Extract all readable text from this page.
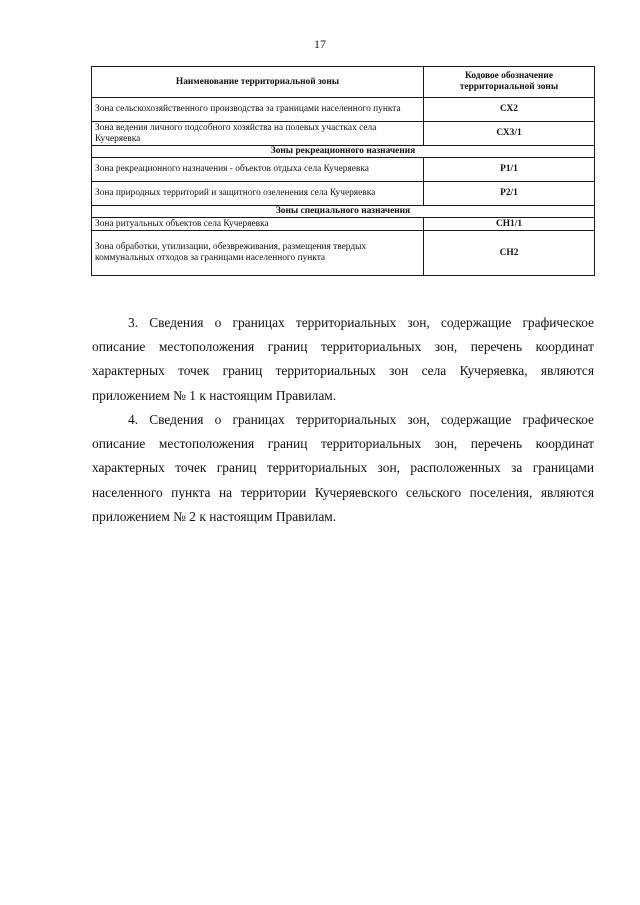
17
Наименование территориальной зоны	Кодовое обозначение территориальной зоны
Зона сельскохозяйственного производства за границами населенного пункта	СХ2
Зона ведения личного подсобного хозяйства на полевых участках села Кучеряевка	СХ3/1
Зоны рекреационного назначения	
Зона рекреационного назначения - объектов отдыха села Кучеряевка	Р1/1
Зона природных территорий и защитного озеленения села Кучеряевка	Р2/1
Зоны специального назначения	
Зона ритуальных объектов села Кучеряевка	СН1/1
Зона обработки, утилизации, обезвреживания, размещения твердых коммунальных отходов за границами населенного пункта	СН2

3. Сведения о границах территориальных зон, содержащие графическое описание местоположения границ территориальных зон, перечень координат характерных точек границ территориальных зон села Кучеряевка, являются приложением № 1 к настоящим Правилам.

4. Сведения о границах территориальных зон, содержащие графическое описание местоположения границ территориальных зон, перечень координат характерных точек границ территориальных зон, расположенных за границами населенного пункта на территории Кучеряевского сельского поселения, являются приложением № 2 к настоящим Правилам.
